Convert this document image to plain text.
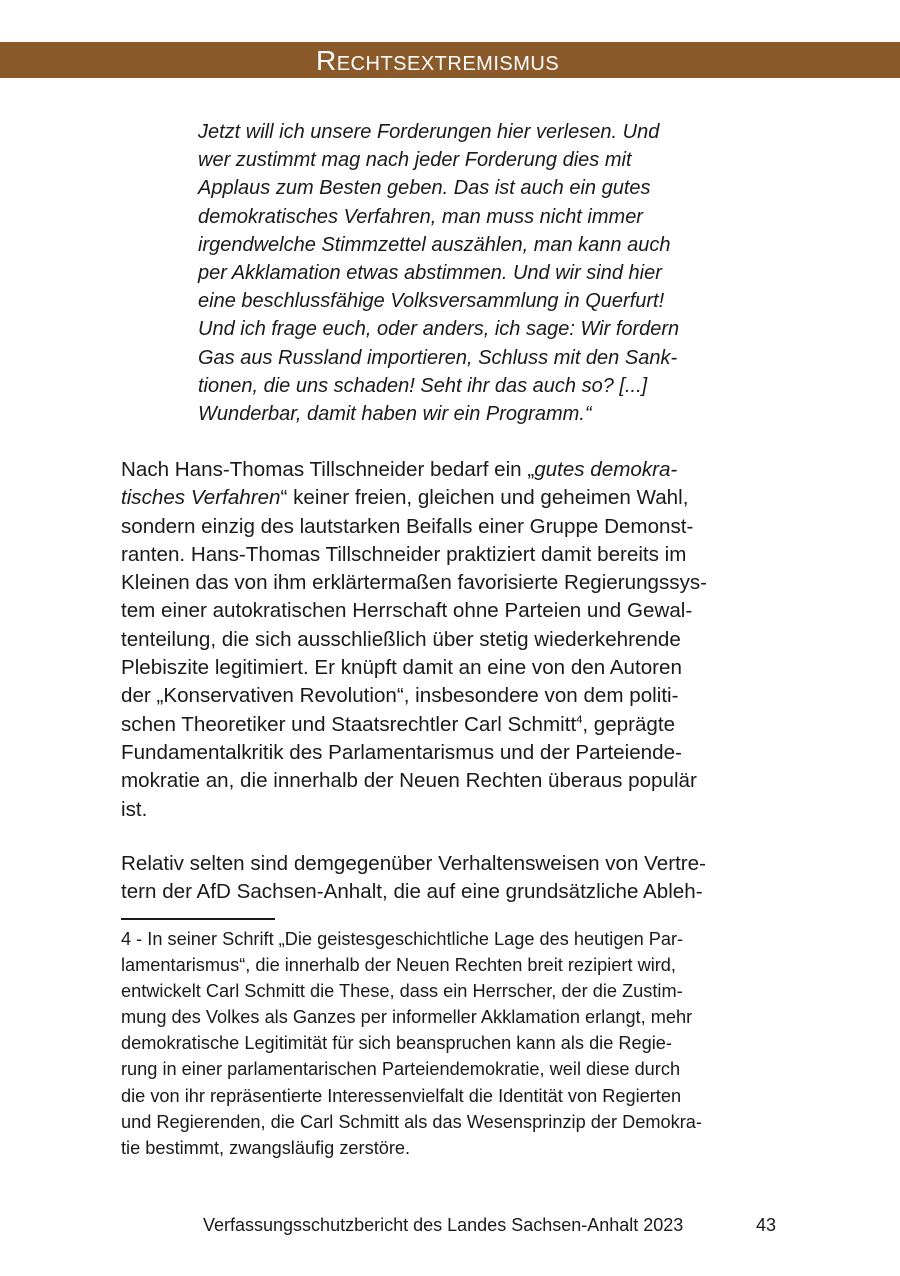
Rechtsextremismus
Jetzt will ich unsere Forderungen hier verlesen. Und
wer zustimmt mag nach jeder Forderung dies mit
Applaus zum Besten geben. Das ist auch ein gutes
demokratisches Verfahren, man muss nicht immer
irgendwelche Stimmzettel auszählen, man kann auch
per Akklamation etwas abstimmen. Und wir sind hier
eine beschlussfähige Volksversammlung in Querfurt!
Und ich frage euch, oder anders, ich sage: Wir fordern
Gas aus Russland importieren, Schluss mit den Sank-
tionen, die uns schaden! Seht ihr das auch so? [...]
Wunderbar, damit haben wir ein Programm.“
Nach Hans-Thomas Tillschneider bedarf ein „gutes demokra-
tisches Verfahren“ keiner freien, gleichen und geheimen Wahl,
sondern einzig des lautstarken Beifalls einer Gruppe Demonst-
ranten. Hans-Thomas Tillschneider praktiziert damit bereits im
Kleinen das von ihm erklärtermaßen favorisierte Regierungssys-
tem einer autokratischen Herrschaft ohne Parteien und Gewal-
tenteilung, die sich ausschließlich über stetig wiederkehrende
Plebiszite legitimiert. Er knüpft damit an eine von den Autoren
der „Konservativen Revolution“, insbesondere von dem politi-
schen Theoretiker und Staatsrechtler Carl Schmitt$^4$, geprägte
Fundamentalkritik des Parlamentarismus und der Parteiende-
mokratie an, die innerhalb der Neuen Rechten überaus populär
ist.
Relativ selten sind demgegenüber Verhaltensweisen von Vertre-
tern der AfD Sachsen-Anhalt, die auf eine grundsätzliche Ableh-
4 - In seiner Schrift „Die geistesgeschichtliche Lage des heutigen Par-
lamentarismus“, die innerhalb der Neuen Rechten breit rezipiert wird,
entwickelt Carl Schmitt die These, dass ein Herrscher, der die Zustim-
mung des Volkes als Ganzes per informeller Akklamation erlangt, mehr
demokratische Legitimität für sich beanspruchen kann als die Regie-
rung in einer parlamentarischen Parteiendemokratie, weil diese durch
die von ihr repräsentierte Interessenvielfalt die Identität von Regierten
und Regierenden, die Carl Schmitt als das Wesensprinzip der Demokra-
tie bestimmt, zwangsläufig zerstöre.
Verfassungsschutzbericht des Landes Sachsen-Anhalt 2023	43
